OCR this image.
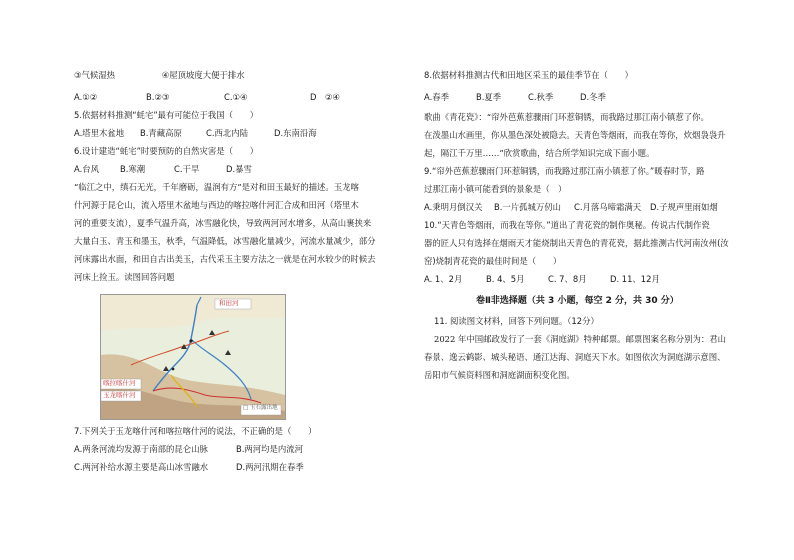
③气候湿热	④屋顶坡度大便于排水
A.①②	B.②③	C.①④	D　②④
5.依据材料推测“蚝宅”最有可能位于我国（　　）
A.塔里木盆地 B.青藏高原	C.西北内陆	D.东南沿海
6.设计建造“蚝宅”时要预防的自然灾害是（　　）
A.台风	B.寒潮	C.干旱	D.暴雪
“临江之中，缜石无光，千年磨砺，温润有方”是对和田玉最好的描述。玉龙喀
什河源于昆仑山，流入塔里木盆地与西边的喀拉喀什河汇合成和田河（塔里木
河的重要支流），夏季气温升高，冰雪融化快，导致两河河水增多，从高山裹挟来
大量白玉、青玉和墨玉，秋季，气温降低，冰雪融化量减少，河流水量减少，部分
河床露出水面，和田自古出美玉，古代采玉主要方法之一就是在河水较少的时候去
河床上捡玉。读图回答问题
7.下列关于玉龙喀什河和喀拉喀什河的说法，不正确的是（　　）
A.两条河流均发源于南部的昆仑山脉	B.两河均是内流河
C.两河补给水源主要是高山冰雪融水	D.两河汛期在春季
和田河
喀拉喀什河
玉龙喀什河
□ 玉石露出地
8.依据材料推测古代和田地区采玉的最佳季节在（　　）
A.春季	B.夏季	C.秋季	D.冬季
歌曲《青花瓷》：“帘外芭蕉惹骤雨门环惹铜锈，而我路过那江南小镇惹了你。
在泼墨山水画里，你从墨色深处被隐去。天青色等烟雨，而我在等你，炊烟袅袅升
起，隔江千万里……”欣赏歌曲，结合所学知识完成下面小题。
9.“帘外芭蕉惹骤雨门环惹铜锈，而我路过那江南小镇惹了你。”暖春时节，路
过那江南小镇可能看到的景象是（　）
A.秉明月倒汉关 B.一片孤城万仞山 C.月落乌啼霜满天 D.子规声里雨如烟
10.“天青色等烟雨，而我在等你。”道出了青花瓷的制作奥秘。传说古代制作瓷
器的匠人只有选择在烟雨天才能烧制出天青色的青花瓷，据此推测古代河南汝州(汝
窑)烧制青花瓷的最佳时间是（　　）
A. 1、2月	B. 4、5月	C. 7、8月	D. 11、12月
卷Ⅱ非选择题（共 3 小题，每空 2 分，共 30 分）
11. 阅读图文材料，回答下列问题。（12分）
2022 年中国邮政发行了一套《洞庭湖》特种邮票。邮票图案名称分别为：君山
春景、逸云鹤影、城头秘语、通江达海、洞庭天下水。如图依次为洞庭湖示意图、
岳阳市气候资料图和洞庭湖面积变化图。
